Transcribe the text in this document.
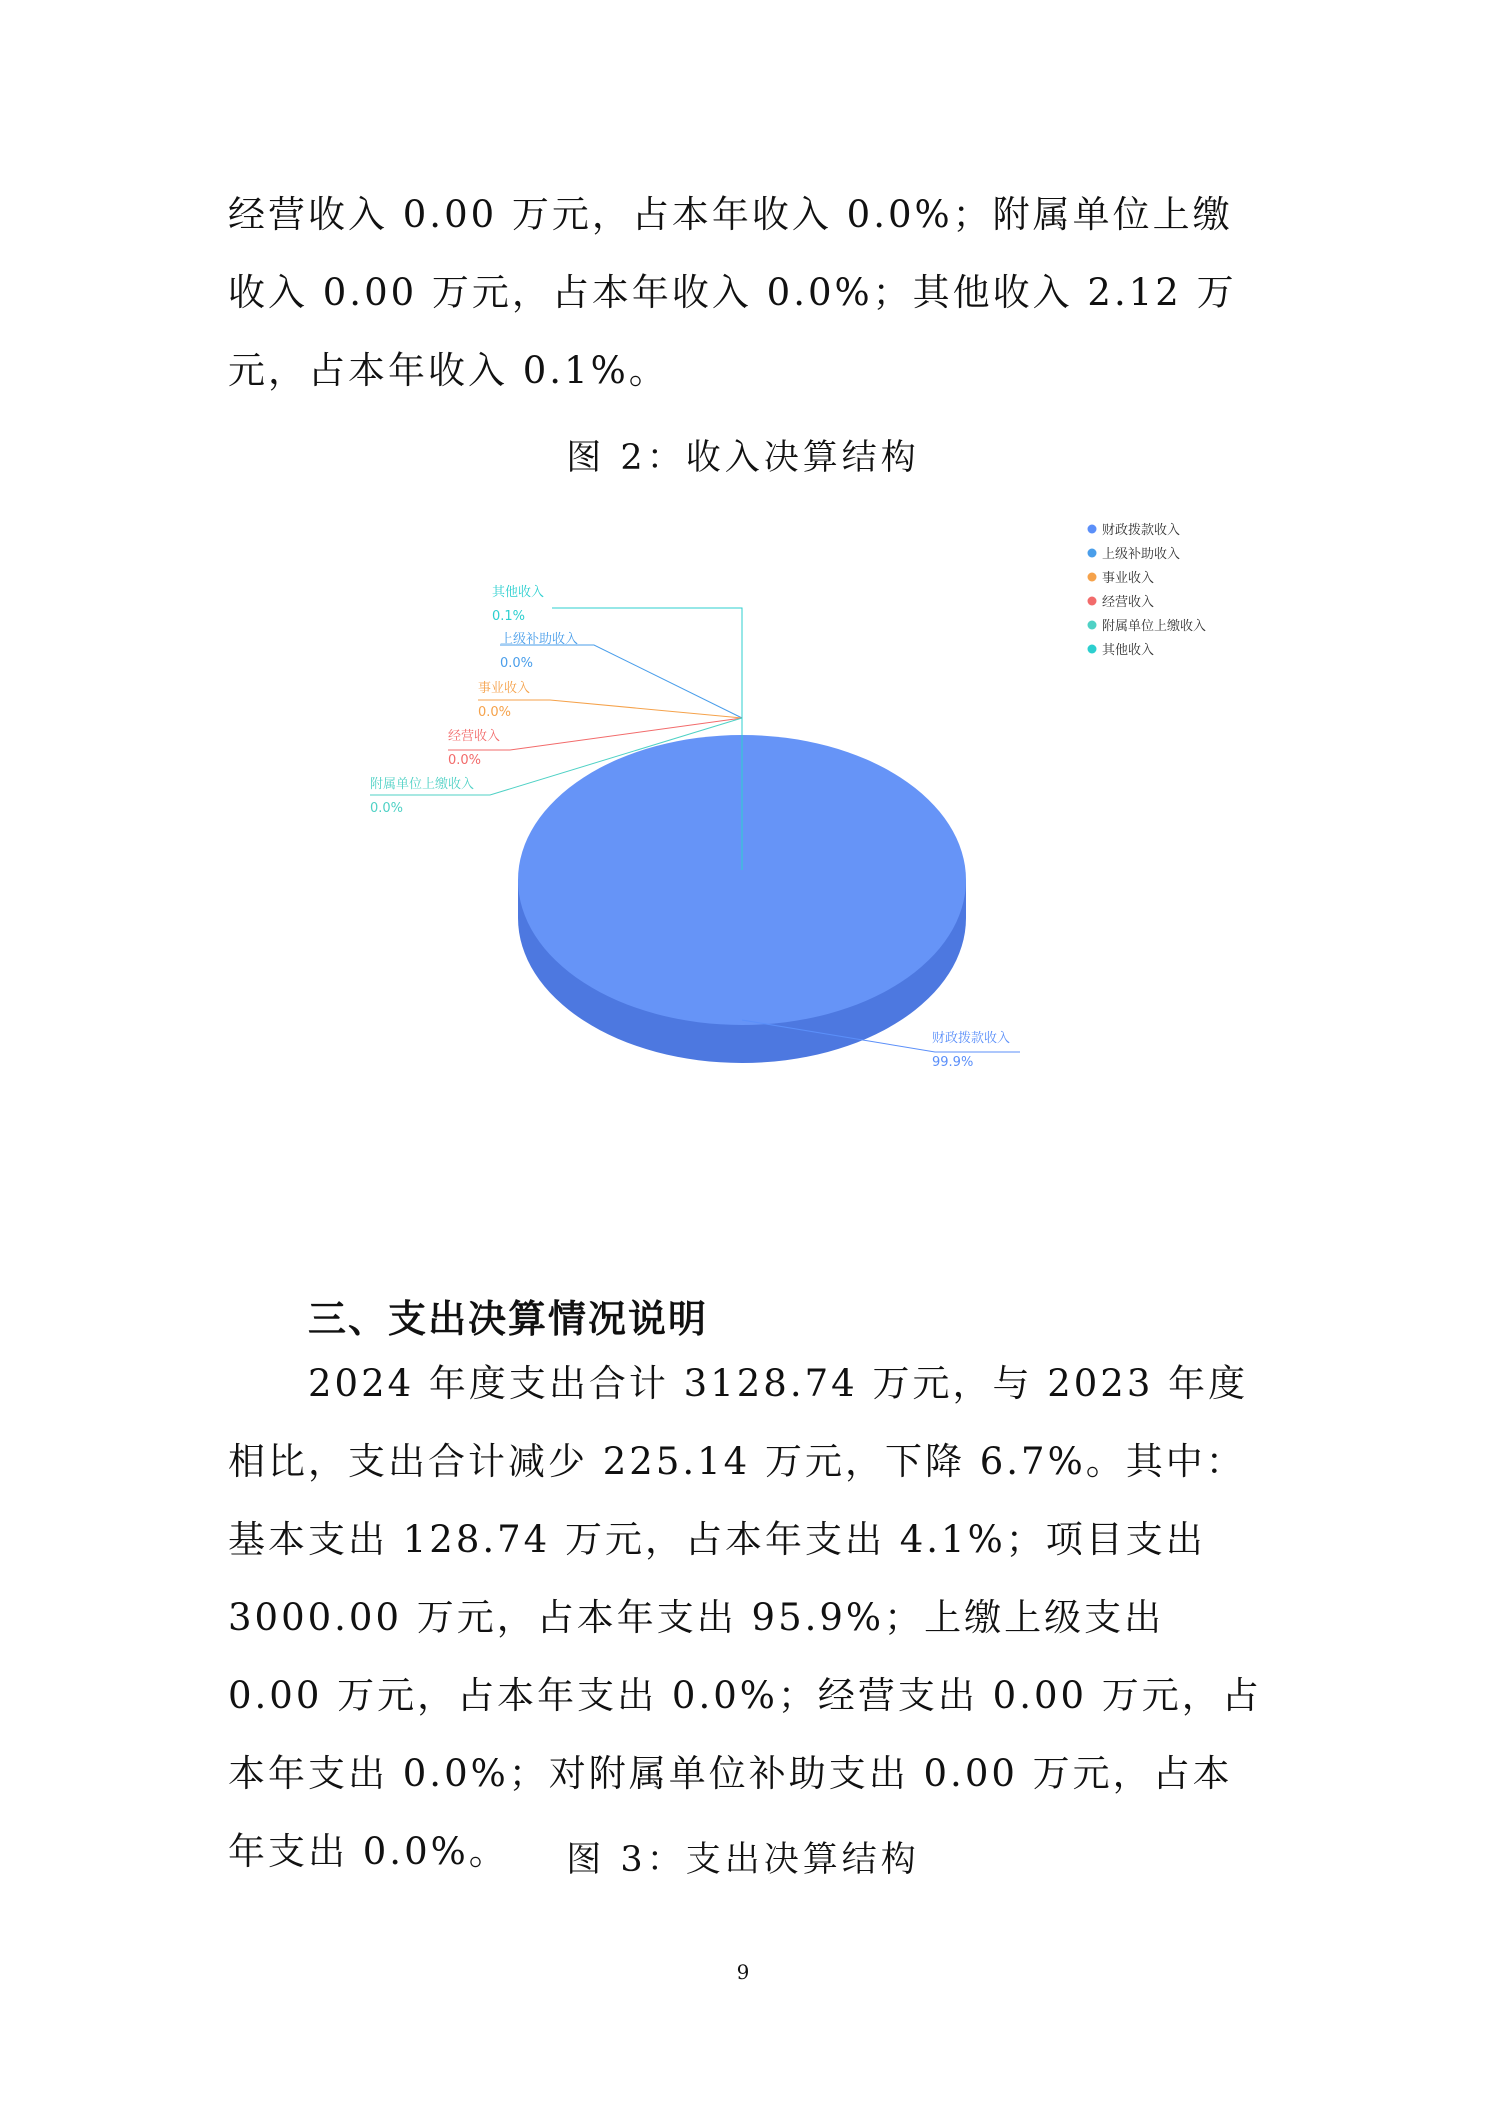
经营收入 0.00 万元，占本年收入 0.0%；附属单位上缴收入 0.00 万元，占本年收入 0.0%；其他收入 2.12 万元，占本年收入 0.1%。

图 2：收入决算结构
财政拨款收入
99.9%
上级补助收入
0.0%
事业收入
0.0%
经营收入
0.0%
附属单位上缴收入
0.0%
其他收入
0.1%
财政拨款收入
上级补助收入
事业收入
经营收入
附属单位上缴收入
其他收入
三、支出决算情况说明

2024 年度支出合计 3128.74 万元，与 2023 年度相比，支出合计减少 225.14 万元，下降 6.7%。其中：基本支出 128.74 万元，占本年支出 4.1%；项目支出 3000.00 万元，占本年支出 95.9%；上缴上级支出 0.00 万元，占本年支出 0.0%；经营支出 0.00 万元，占本年支出 0.0%；对附属单位补助支出 0.00 万元，占本年支出 0.0%。	图 3：支出决算结构
9
